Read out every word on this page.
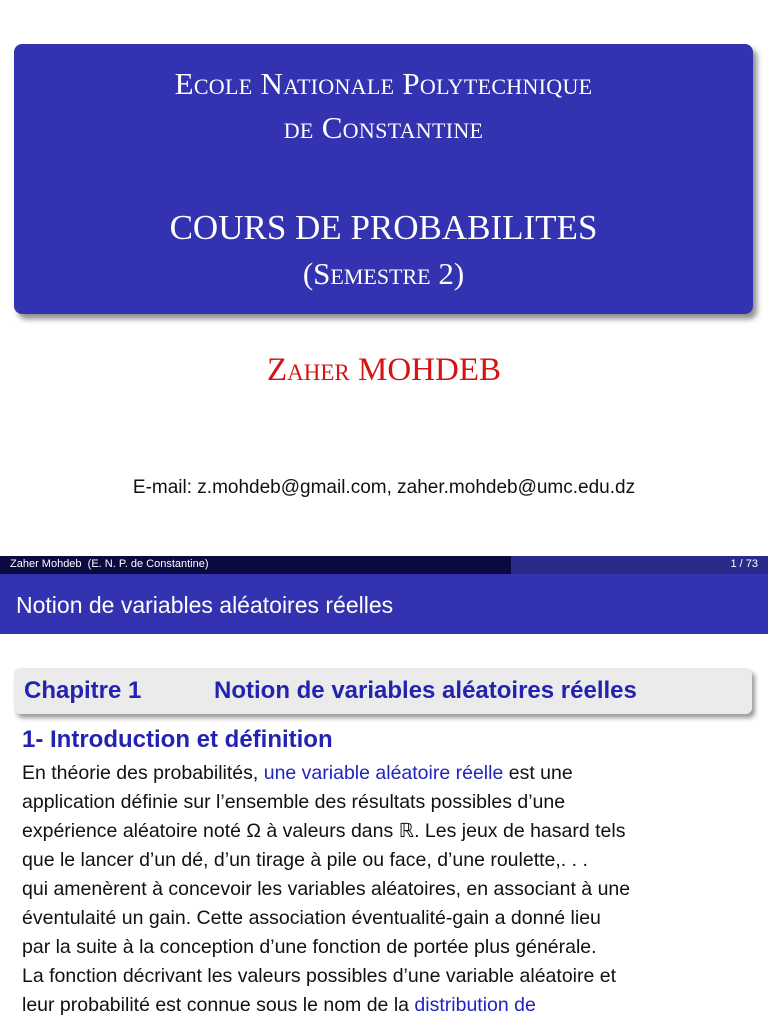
Ecole Nationale Polytechnique
de Constantine
COURS DE PROBABILITES
(Semestre 2)
Zaher MOHDEB
E-mail: z.mohdeb@gmail.com, zaher.mohdeb@umc.edu.dz
Zaher Mohdeb  (E. N. P. de Constantine)	1 / 73
Notion de variables aléatoires réelles
Chapitre 1	Notion de variables aléatoires réelles
1- Introduction et définition
En théorie des probabilités, une variable aléatoire réelle est une
application définie sur l’ensemble des résultats possibles d’une
expérience aléatoire noté Ω à valeurs dans ℝ. Les jeux de hasard tels
que le lancer d’un dé, d’un tirage à pile ou face, d’une roulette,. . .
qui amenèrent à concevoir les variables aléatoires, en associant à une
éventulaité un gain. Cette association éventualité-gain a donné lieu
par la suite à la conception d’une fonction de portée plus générale.
La fonction décrivant les valeurs possibles d’une variable aléatoire et
leur probabilité est connue sous le nom de la distribution de
